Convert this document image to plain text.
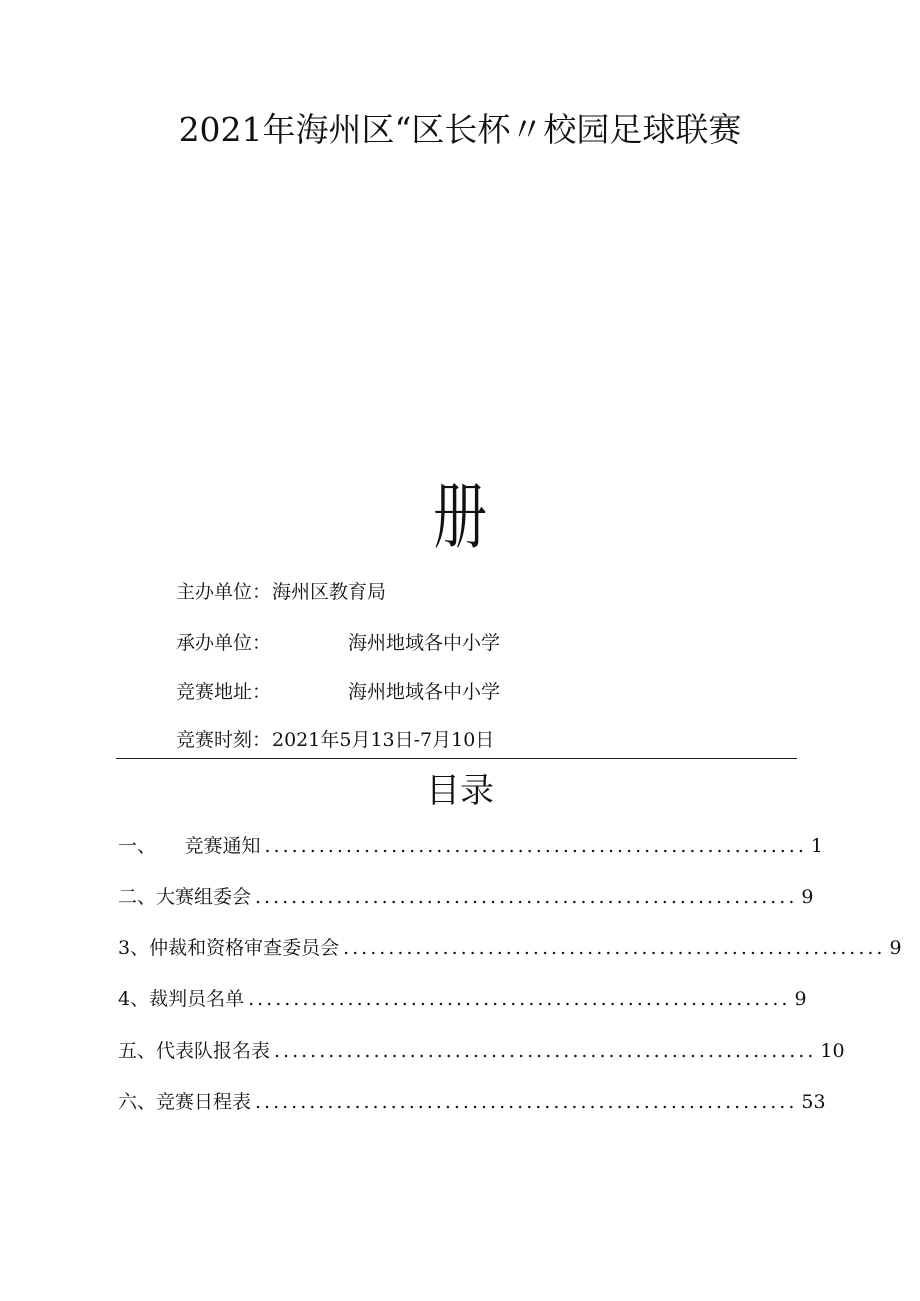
2021年海州区“区长杯〃校园足球联赛
册
主办单位： 海州区教育局
承办单位：	海州地域各中小学
竞赛地址：	海州地域各中小学
竞赛时刻： 2021年5月13日-7月10日
目录
一、　　竞赛通知 ............................................................ 1
二、大赛组委会 ............................................................ 9
3、仲裁和资格审查委员会 ............................................................ 9
4、裁判员名单 ............................................................ 9
五、代表队报名表 ............................................................ 10
六、竞赛日程表 ............................................................ 53
